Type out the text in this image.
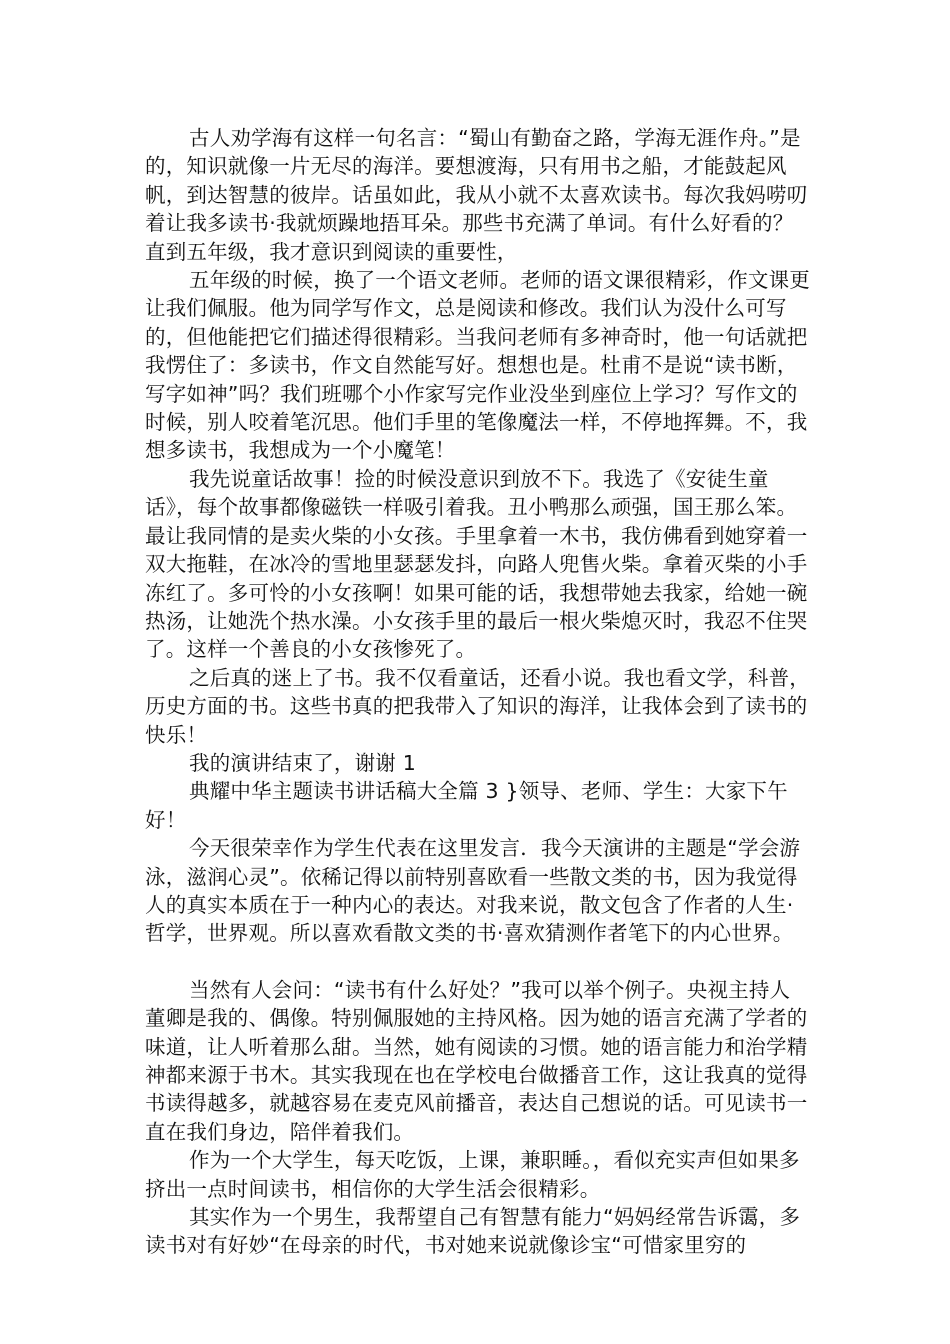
古人劝学海有这样一句名言：“蜀山有勤奋之路，学海无涯作舟。”是的，知识就像一片无尽的海洋。要想渡海，只有用书之船，才能鼓起风帆，到达智慧的彼岸。话虽如此，我从小就不太喜欢读书。每次我妈唠叨着让我多读书·我就烦躁地捂耳朵。那些书充满了单词。有什么好看的？直到五年级，我才意识到阅读的重要性，

五年级的时候，换了一个语文老师。老师的语文课很精彩，作文课更让我们佩服。他为同学写作文，总是阅读和修改。我们认为没什么可写的，但他能把它们描述得很精彩。当我问老师有多神奇时，他一句话就把我愣住了：多读书，作文自然能写好。想想也是。杜甫不是说“读书断，写字如神”吗？我们班哪个小作家写完作业没坐到座位上学习？写作文的时候，别人咬着笔沉思。他们手里的笔像魔法一样，不停地挥舞。不，我想多读书，我想成为一个小魔笔！

我先说童话故事！捡的时候没意识到放不下。我选了《安徒生童话》，每个故事都像磁铁一样吸引着我。丑小鸭那么顽强，国王那么笨。最让我同情的是卖火柴的小女孩。手里拿着一木书，我仿佛看到她穿着一双大拖鞋，在冰冷的雪地里瑟瑟发抖，向路人兜售火柴。拿着灭柴的小手冻红了。多可怜的小女孩啊！如果可能的话，我想带她去我家，给她一碗热汤，让她洗个热水澡。小女孩手里的最后一根火柴熄灭时，我忍不住哭了。这样一个善良的小女孩惨死了。

之后真的迷上了书。我不仅看童话，还看小说。我也看文学，科普，历史方面的书。这些书真的把我带入了知识的海洋，让我体会到了读书的快乐！

我的演讲结束了，谢谢 1

典耀中华主题读书讲话稿大全篇 3 }领导、老师、学生：大家下午好！

今天很荣幸作为学生代表在这里发言．我今天演讲的主题是“学会游泳，滋润心灵”。依稀记得以前特别喜欧看一些散文类的书，因为我觉得人的真实本质在于一种内心的表达。对我来说，散文包含了作者的人生·哲学，世界观。所以喜欢看散文类的书·喜欢猜测作者笔下的内心世界。

当然有人会问：“读书有什么好处？”我可以举个例子。央视主持人董卿是我的、偶像。特别佩服她的主持风格。因为她的语言充满了学者的味道，让人听着那么甜。当然，她有阅读的习惯。她的语言能力和治学精神都来源于书木。其实我现在也在学校电台做播音工作，这让我真的觉得书读得越多，就越容易在麦克风前播音，表达自己想说的话。可见读书一直在我们身边，陪伴着我们。

作为一个大学生，每天吃饭，上课，兼职睡。，看似充实声但如果多挤出一点时间读书，相信你的大学生活会很精彩。

其实作为一个男生，我帮望自己有智慧有能力“妈妈经常告诉霭，多读书对有好妙“在母亲的时代，书对她来说就像诊宝“可惜家里穷的
